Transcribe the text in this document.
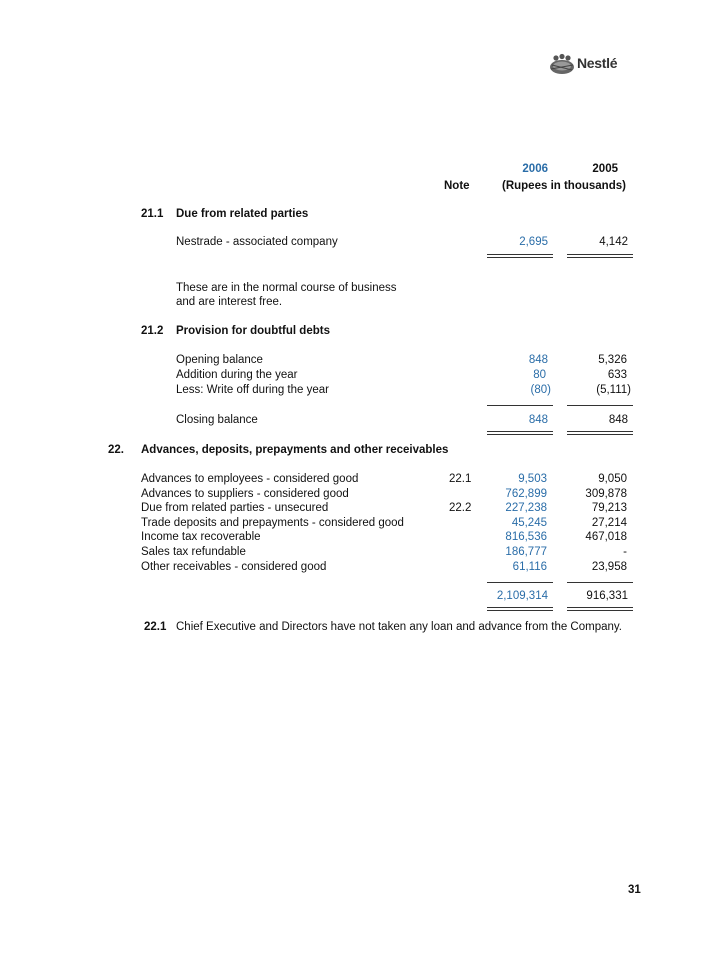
Nestlé
2006	2005
Note	(Rupees in thousands)
21.1 Due from related parties
Nestrade - associated company	2,695	4,142
These are in the normal course of business
and are interest free.
21.2 Provision for doubtful debts
Opening balance	848	5,326
Addition during the year	80	633
Less: Write off during the year	(80)	(5,111)
Closing balance	848	848
22. Advances, deposits, prepayments and other receivables
Advances to employees - considered good	22.1	9,503	9,050
Advances to suppliers - considered good	762,899	309,878
Due from related parties - unsecured	22.2	227,238	79,213
Trade deposits and prepayments - considered good	45,245	27,214
Income tax recoverable	816,536	467,018
Sales tax refundable	186,777	-
Other receivables - considered good	61,116	23,958
2,109,314	916,331
22.1 Chief Executive and Directors have not taken any loan and advance from the Company.
31
